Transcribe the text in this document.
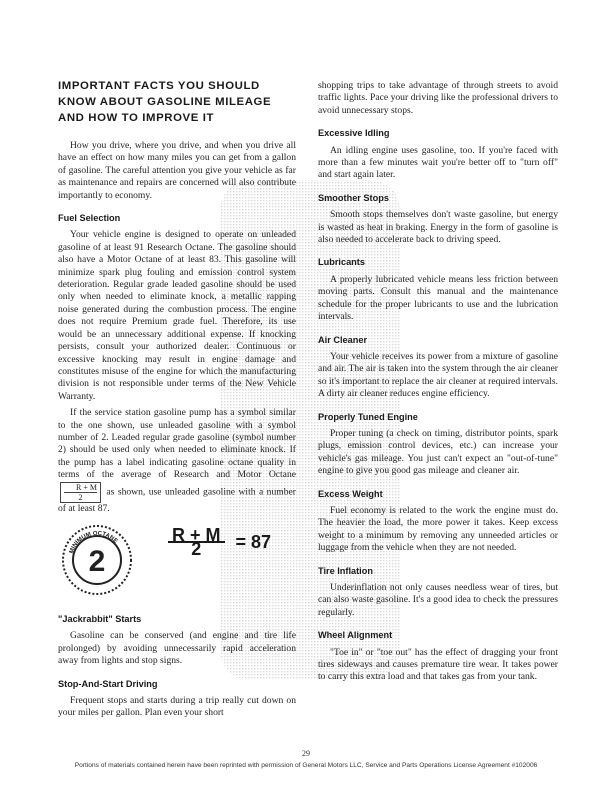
IMPORTANT FACTS YOU SHOULD KNOW ABOUT GASOLINE MILEAGE AND HOW TO IMPROVE IT

How you drive, where you drive, and when you drive all have an effect on how many miles you can get from a gallon of gasoline. The careful attention you give your vehicle as far as maintenance and repairs are concerned will also contribute importantly to economy.

Fuel Selection

Your vehicle engine is designed to operate on unleaded gasoline of at least 91 Research Octane. The gasoline should also have a Motor Octane of at least 83. This gasoline will minimize spark plug fouling and emission control system deterioration. Regular grade leaded gasoline should be used only when needed to eliminate knock, a metallic rapping noise generated during the combustion process. The engine does not require Premium grade fuel. Therefore, its use would be an unnecessary additional expense. If knocking persists, consult your authorized dealer. Continuous or excessive knocking may result in engine damage and constitutes misuse of the engine for which the manufacturing division is not responsible under terms of the New Vehicle Warranty.

If the service station gasoline pump has a symbol similar to the one shown, use unleaded gasoline with a symbol number of 2. Leaded regular grade gasoline (symbol number 2) should be used only when needed to eliminate knock. If the pump has a label indicating gasoline octane quality in terms of the average of Research and Motor Octane
$\frac{R + M}{2}$ as shown, use unleaded gasoline with a number of at least 87.

MINIMUM OCTANE
2
$\frac{R + M}{2} = 87$
"Jackrabbit" Starts

Gasoline can be conserved (and engine and tire life prolonged) by avoiding unnecessarily rapid acceleration away from lights and stop signs.

Stop-And-Start Driving

Frequent stops and starts during a trip really cut down on your miles per gallon. Plan even your short

shopping trips to take advantage of through streets to avoid traffic lights. Pace your driving like the professional drivers to avoid unnecessary stops.

Excessive Idling

An idling engine uses gasoline, too. If you're faced with more than a few minutes wait you're better off to "turn off" and start again later.

Smoother Stops

Smooth stops themselves don't waste gasoline, but energy is wasted as heat in braking. Energy in the form of gasoline is also needed to accelerate back to driving speed.

Lubricants

A properly lubricated vehicle means less friction between moving parts. Consult this manual and the maintenance schedule for the proper lubricants to use and the lubrication intervals.

Air Cleaner

Your vehicle receives its power from a mixture of gasoline and air. The air is taken into the system through the air cleaner so it's important to replace the air cleaner at required intervals. A dirty air cleaner reduces engine efficiency.

Properly Tuned Engine

Proper tuning (a check on timing, distributor points, spark plugs, emission control devices, etc.) can increase your vehicle's gas mileage. You just can't expect an "out-of-tune" engine to give you good gas mileage and cleaner air.

Excess Weight

Fuel economy is related to the work the engine must do. The heavier the load, the more power it takes. Keep excess weight to a minimum by removing any unneeded articles or luggage from the vehicle when they are not needed.

Tire Inflation

Underinflation not only causes needless wear of tires, but can also waste gasoline. It's a good idea to check the pressures regularly.

Wheel Alignment

"Toe in" or "toe out" has the effect of dragging your front tires sideways and causes premature tire wear. It takes power to carry this extra load and that takes gas from your tank.

29
Portions of materials contained herein have been reprinted with permission of General Motors LLC, Service and Parts Operations License Agreement #102006
